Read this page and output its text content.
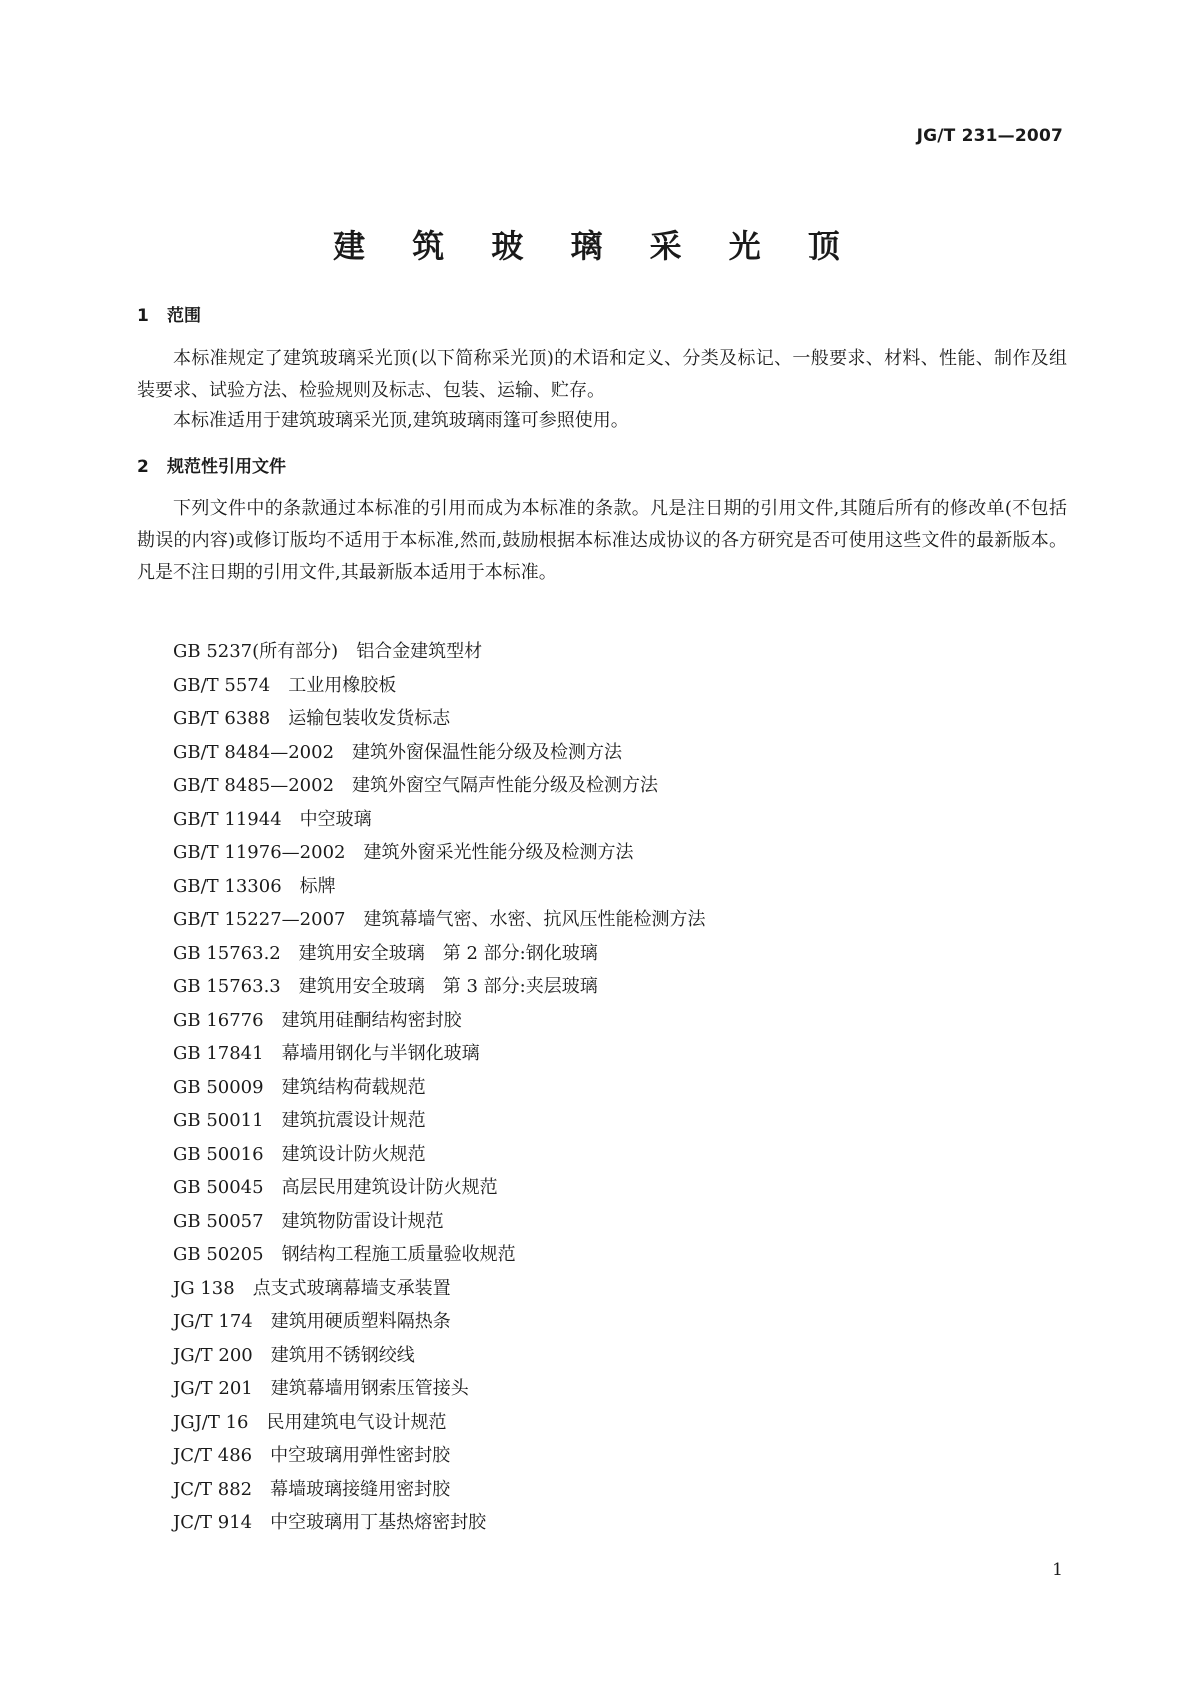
JG/T 231—2007
建 筑 玻 璃 采 光 顶
1 范围
本标准规定了建筑玻璃采光顶(以下简称采光顶)的术语和定义、分类及标记、一般要求、材料、性能、制作及组装要求、试验方法、检验规则及标志、包装、运输、贮存。
本标准适用于建筑玻璃采光顶,建筑玻璃雨篷可参照使用。
2 规范性引用文件
下列文件中的条款通过本标准的引用而成为本标准的条款。凡是注日期的引用文件,其随后所有的修改单(不包括勘误的内容)或修订版均不适用于本标准,然而,鼓励根据本标准达成协议的各方研究是否可使用这些文件的最新版本。凡是不注日期的引用文件,其最新版本适用于本标准。
GB 5237(所有部分) 铝合金建筑型材
GB/T 5574 工业用橡胶板
GB/T 6388 运输包装收发货标志
GB/T 8484—2002 建筑外窗保温性能分级及检测方法
GB/T 8485—2002 建筑外窗空气隔声性能分级及检测方法
GB/T 11944 中空玻璃
GB/T 11976—2002 建筑外窗采光性能分级及检测方法
GB/T 13306 标牌
GB/T 15227—2007 建筑幕墙气密、水密、抗风压性能检测方法
GB 15763.2 建筑用安全玻璃　第 2 部分:钢化玻璃
GB 15763.3 建筑用安全玻璃　第 3 部分:夹层玻璃
GB 16776 建筑用硅酮结构密封胶
GB 17841 幕墙用钢化与半钢化玻璃
GB 50009 建筑结构荷载规范
GB 50011 建筑抗震设计规范
GB 50016 建筑设计防火规范
GB 50045 高层民用建筑设计防火规范
GB 50057 建筑物防雷设计规范
GB 50205 钢结构工程施工质量验收规范
JG 138 点支式玻璃幕墙支承装置
JG/T 174 建筑用硬质塑料隔热条
JG/T 200 建筑用不锈钢绞线
JG/T 201 建筑幕墙用钢索压管接头
JGJ/T 16 民用建筑电气设计规范
JC/T 486 中空玻璃用弹性密封胶
JC/T 882 幕墙玻璃接缝用密封胶
JC/T 914 中空玻璃用丁基热熔密封胶
1
